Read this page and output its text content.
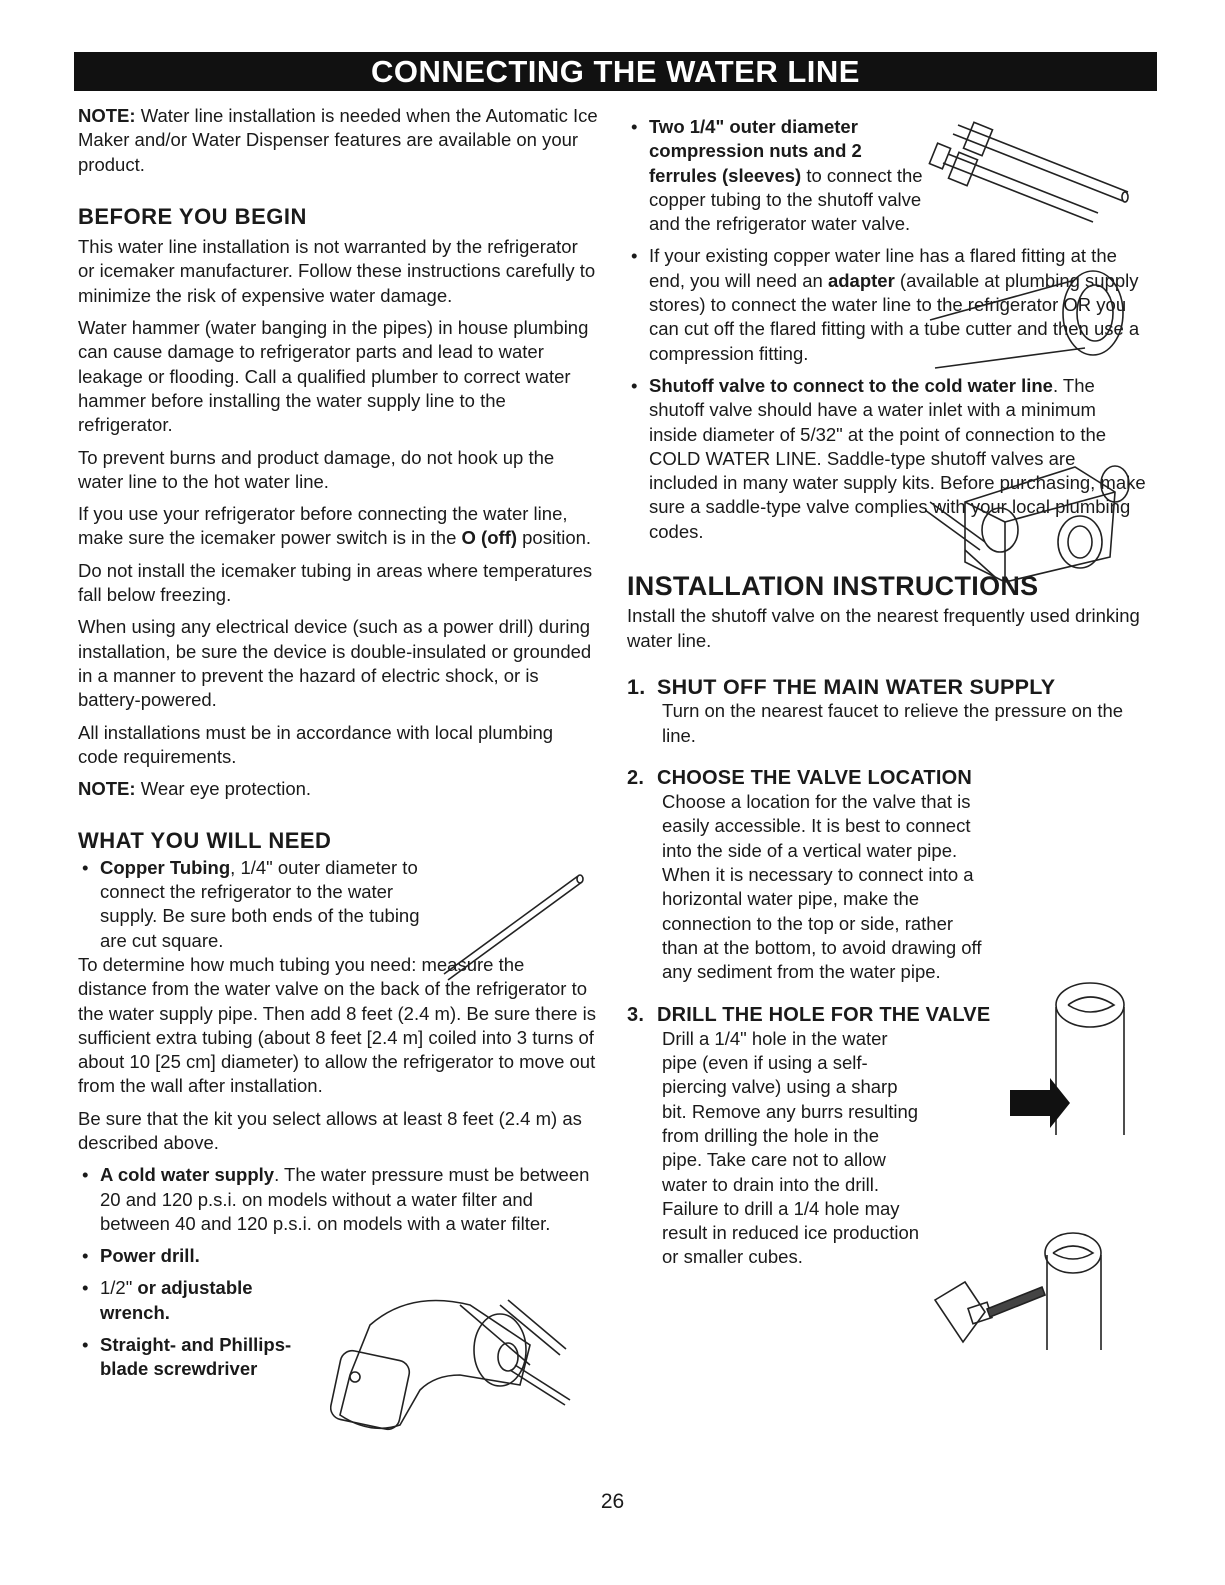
CONNECTING THE WATER LINE

NOTE: Water line installation is needed when the Automatic Ice Maker and/or Water Dispenser features are available on your product.

BEFORE YOU BEGIN

This water line installation is not warranted by the refrigerator or icemaker manufacturer. Follow these instructions carefully to minimize the risk of expensive water damage.

Water hammer (water banging in the pipes) in house plumbing can cause damage to refrigerator parts and lead to water leakage or flooding. Call a qualified plumber to correct water hammer before installing the water supply line to the refrigerator.

To prevent burns and product damage, do not hook up the water line to the hot water line.

If you use your refrigerator before connecting the water line, make sure the icemaker power switch is in the O (off) position.

Do not install the icemaker tubing in areas where temperatures fall below freezing.

When using any electrical device (such as a power drill) during installation, be sure the device is double-insulated or grounded in a manner to prevent the hazard of electric shock, or is battery-powered.

All installations must be in accordance with local plumbing code requirements.

NOTE: Wear eye protection.

WHAT YOU WILL NEED
• Copper Tubing, 1/4" outer diameter to connect the refrigerator to the water supply. Be sure both ends of the tubing are cut square.

To determine how much tubing you need: measure the distance from the water valve on the back of the refrigerator to the water supply pipe. Then add 8 feet (2.4 m). Be sure there is sufficient extra tubing (about 8 feet [2.4 m] coiled into 3 turns of about 10 [25 cm] diameter) to allow the refrigerator to move out from the wall after installation.

Be sure that the kit you select allows at least 8 feet (2.4 m) as described above.

• A cold water supply. The water pressure must be between 20 and 120 p.s.i. on models without a water filter and between 40 and 120 p.s.i. on models with a water filter.
• Power drill.
• 1/2" or adjustable wrench.
• Straight- and Phillips-blade screwdriver
• Two 1/4" outer diameter compression nuts and 2 ferrules (sleeves) to connect the copper tubing to the shutoff valve and the refrigerator water valve.
• If your existing copper water line has a flared fitting at the end, you will need an adapter (available at plumbing supply stores) to connect the water line to the refrigerator OR you can cut off the flared fitting with a tube cutter and then use a compression fitting.
• Shutoff valve to connect to the cold water line. The shutoff valve should have a water inlet with a minimum inside diameter of 5/32" at the point of connection to the COLD WATER LINE. Saddle-type shutoff valves are included in many water supply kits. Before purchasing, make sure a saddle-type valve complies with your local plumbing codes.
INSTALLATION INSTRUCTIONS

Install the shutoff valve on the nearest frequently used drinking water line.

1. SHUT OFF THE MAIN WATER SUPPLY

Turn on the nearest faucet to relieve the pressure on the line.

2. CHOOSE THE VALVE LOCATION

Choose a location for the valve that is easily accessible. It is best to connect into the side of a vertical water pipe. When it is necessary to connect into a horizontal water pipe, make the connection to the top or side, rather than at the bottom, to avoid drawing off any sediment from the water pipe.

3. DRILL THE HOLE FOR THE VALVE

Drill a 1/4" hole in the water pipe (even if using a self-piercing valve) using a sharp bit. Remove any burrs resulting from drilling the hole in the pipe. Take care not to allow water to drain into the drill. Failure to drill a 1/4 hole may result in reduced ice production or smaller cubes.

26
